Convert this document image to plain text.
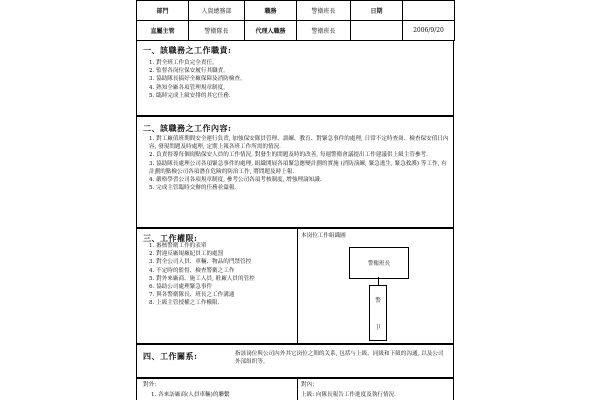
部門	人資總務部	職務	警衛班長	日期	
直屬主管	警衛隊長	代理人職務	警衛班長		2006/9/20
一、該職務之工作職責:
1. 對全班工作負完全責任。
2. 監督各岗位保安履行其職責。
3. 協助隊長搞好全廠保障及消防檢查。
4. 熟知全廠各項管理規章制度。
5. 臨時完成上級安排的其它任務.
二、該職務之工作內容:
1. 對工廠值班期間安全運行負責, 加強保安隊員管理、訓練、教育、對緊急事件的處理, 日常不定時查崗、檢查保安值日內容, 發現問題及時處理, 定期上報各班工作所需的情況.
2. 負責督導每個崗點保安人員的工作情況, 對發生的問題及時的改善, 每週警衛會議提出工作建議供上級主管參考.
3. 協助隊長處理公司各項緊急事件的處理, 組織開展各項緊急應變計劃的實施 (消防演練, 緊急逃生, 緊急救護) 等工作, 有計劃的點檢公司各項潛在危險的防治工作, 將問題及時上報.
4. 嚴格學習公司各項規章制度, 參考公司各項考核制度, 增強理論知識.
5. 完成主管臨時交辦的任務並彙報.
三、工作權限:
1. 審核警衛工作的表單
2. 對違反廠規廠紀員工的處罰
3. 對全公司人員、車輛、物品的門禁管控
4. 不定時的監督、檢查警衛之工作
5. 對外來廠商、施工人員, 駐廠人員的管控
6. 協助公司處理緊急事件
7. 與各警衛隊長、班長之工作溝通
8. 上級主管授權之工作權限.
本岗位工作組織圖
警衛班長
警
卫
四、工作關系:	指該岗位與公司內外其它岗位之間的关系, 包括与上級、同級和下級的沟通, 以及公司外部组织等。
對外:
1. 各來訪廠商(人員車輛)的聯繫
對內:
上級: 向隊長報告工作進度及執行情況.
